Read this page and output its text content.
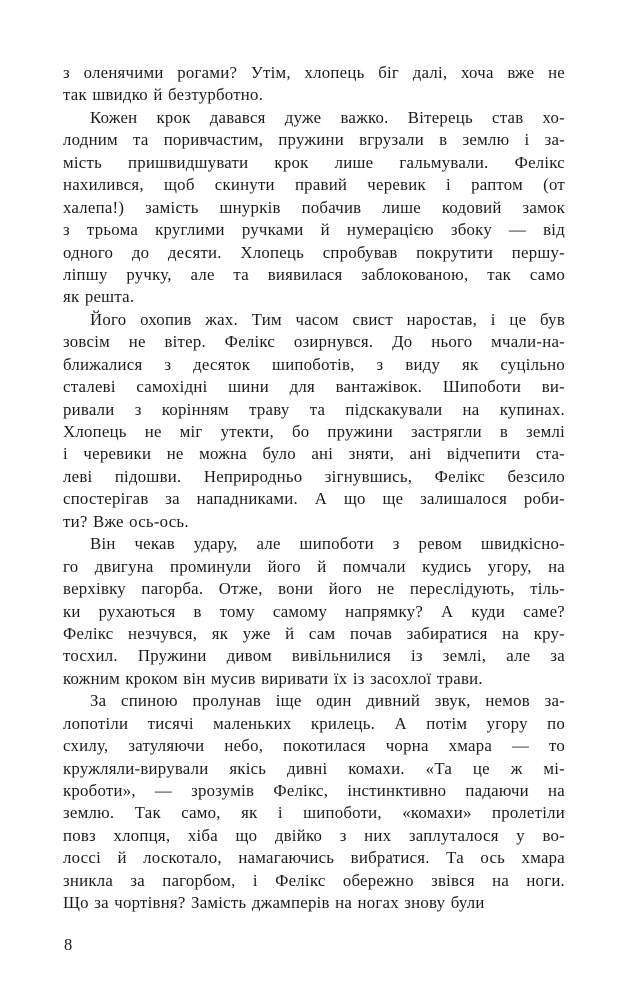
з оленячими рогами? Утім, хлопець біг далі, хоча вже не
так швидко й безтурботно.
Кожен крок давався дуже важко. Вітерець став хо-
лодним та поривчастим, пружини вгрузали в землю і за-
мість пришвидшувати крок лише гальмували. Фелікс
нахилився, щоб скинути правий черевик і раптом (от
халепа!) замість шнурків побачив лише кодовий замок
з трьома круглими ручками й нумерацією збоку — від
одного до десяти. Хлопець спробував покрутити першу-
ліпшу ручку, але та виявилася заблокованою, так само
як решта.
Його охопив жах. Тим часом свист наростав, і це був
зовсім не вітер. Фелікс озирнувся. До нього мчали-на-
ближалися з десяток шипоботів, з виду як суцільно
сталеві самохідні шини для вантажівок. Шипоботи ви-
ривали з корінням траву та підскакували на купинах.
Хлопець не міг утекти, бо пружини застрягли в землі
і черевики не можна було ані зняти, ані відчепити ста-
леві підошви. Неприродньо зігнувшись, Фелікс безсило
спостерігав за нападниками. А що ще залишалося роби-
ти? Вже ось-ось.
Він чекав удару, але шипоботи з ревом швидкісно-
го двигуна проминули його й помчали кудись угору, на
верхівку пагорба. Отже, вони його не переслідують, тіль-
ки рухаються в тому самому напрямку? А куди саме?
Фелікс незчувся, як уже й сам почав забиратися на кру-
тосхил. Пружини дивом вивільнилися із землі, але за
кожним кроком він мусив виривати їх із засохлої трави.
За спиною пролунав іще один дивний звук, немов за-
лопотіли тисячі маленьких крилець. А потім угору по
схилу, затуляючи небо, покотилася чорна хмара — то
кружляли-вирували якісь дивні комахи. «Та це ж мі-
кроботи», — зрозумів Фелікс, інстинктивно падаючи на
землю. Так само, як і шипоботи, «комахи» пролетіли
повз хлопця, хіба що двійко з них заплуталося у во-
лоссі й лоскотало, намагаючись вибратися. Та ось хмара
зникла за пагорбом, і Фелікс обережно звівся на ноги.
Що за чортівня? Замість джамперів на ногах знову були
8
